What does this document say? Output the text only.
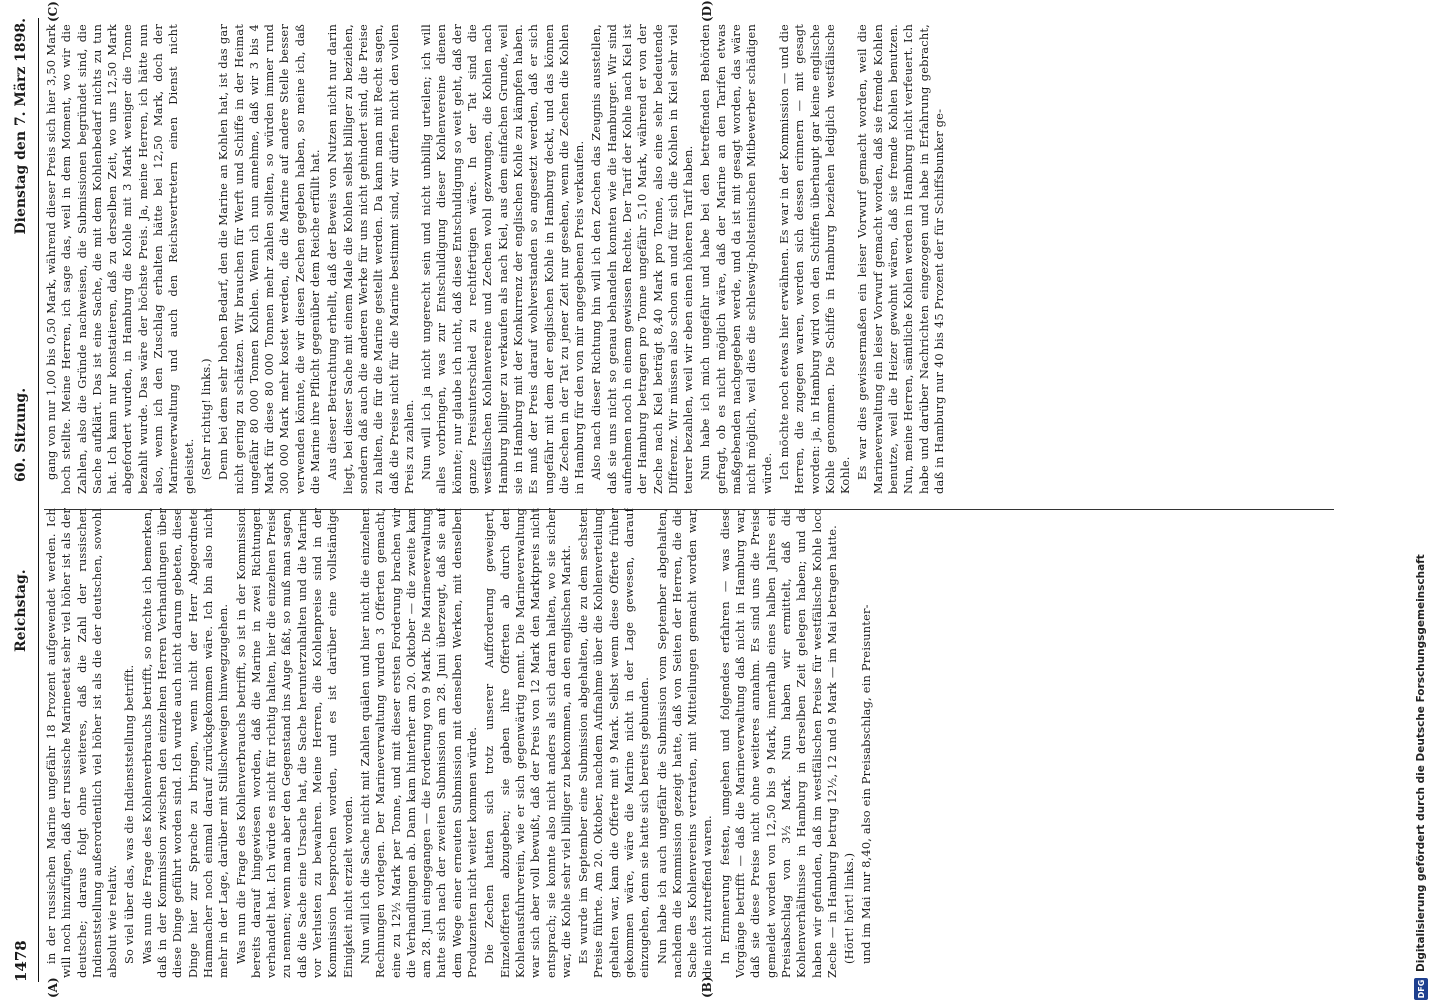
1478
Reichstag.
60. Sitzung.
Dienstag den 7. März 1898.
(A)	(B)
(C)	(D)

in der russischen Marine ungefähr 18 Prozent aufgewendet werden. Ich will noch hinzufügen, daß der russische Marineetat sehr viel höher ist als der deutsche; daraus folgt ohne weiteres, daß die Zahl der russischen Indienststellung außerordentlich viel höher ist als die der deutschen, sowohl absolut wie relativ. So viel über das, was die Indienststellung betrifft. Was nun die Frage des Kohlenverbrauchs betrifft, so möchte ich bemerken, daß in der Kommission zwischen den einzelnen Herren Verhandlungen über diese Dinge geführt worden sind. Ich wurde auch nicht darum gebeten, diese Dinge hier zur Sprache zu bringen, wenn nicht der Herr Abgeordnete Hammacher noch einmal darauf zurückgekommen wäre. Ich bin also nicht mehr in der Lage, darüber mit Stillschweigen hinwegzugehen. Was nun die Frage des Kohlenverbrauchs betrifft, so ist in der Kommission bereits darauf hingewiesen worden, daß die Marine in zwei Richtungen verhandelt hat. Ich würde es nicht für richtig halten, hier die einzelnen Preise zu nennen; wenn man aber den Gegenstand ins Auge faßt, so muß man sagen, daß die Sache eine Ursache hat, die Sache herunterzuhalten und die Marine vor Verlusten zu bewahren. Meine Herren, die Kohlenpreise sind in der Kommission besprochen worden, und es ist darüber eine vollständige Einigkeit nicht erzielt worden. Nun will ich die Sache nicht mit Zahlen quälen und hier nicht die einzelnen Rechnungen vorlegen. Der Marineverwaltung wurden 3 Offerten gemacht, eine zu 12½ Mark per Tonne, und mit dieser ersten Forderung brachen wir die Verhandlungen ab. Dann kam hinterher am 20. Oktober — die zweite kam am 28. Juni eingegangen — die Forderung von 9 Mark. Die Marineverwaltung hatte sich nach der zweiten Submission am 28. Juni überzeugt, daß sie auf dem Wege einer erneuten Submission mit denselben Werken, mit denselben Produzenten nicht weiter kommen würde. Die Zechen hatten sich trotz unserer Aufforderung geweigert, Einzelofferten abzugeben; sie gaben ihre Offerten ab durch den Kohlenausfuhrverein, wie er sich gegenwärtig nennt. Die Marineverwaltung war sich aber voll bewußt, daß der Preis von 12 Mark den Marktpreis nicht entsprach; sie konnte also nicht anders als sich daran halten, wo sie sicher war, die Kohle sehr viel billiger zu bekommen, an den englischen Markt. Es wurde im September eine Submission abgehalten, die zu dem sechsten Preise führte. Am 20. Oktober, nachdem Aufnahme über die Kohlenverteilung gehalten war, kam die Offerte mit 9 Mark. Selbst wenn diese Offerte früher gekommen wäre, wäre die Marine nicht in der Lage gewesen, darauf einzugehen, denn sie hatte sich bereits gebunden. Nun habe ich auch ungefähr die Submission vom September abgehalten, nachdem die Kommission gezeigt hatte, daß von Seiten der Herren, die die Sache des Kohlenvereins vertraten, mit Mitteilungen gemacht worden war, die nicht zutreffend waren. In Erinnerung festen, umgehen und folgendes erfahren — was diese Vorgänge betrifft — daß die Marineverwaltung daß nicht in Hamburg war, daß sie diese Preise nicht ohne weiteres annahm. Es sind uns die Preise gemeldet worden von 12,50 bis 9 Mark, innerhalb eines halben Jahres ein Preisabschlag von 3½ Mark. Nun haben wir ermittelt, daß die Kohlenverhältnisse in Hamburg in derselben Zeit gelegen haben; und da haben wir gefunden, daß im westfälischen Preise für westfälische Kohle loco Zeche — in Hamburg betrug 12½, 12 und 9 Mark — im Mai betragen hatte. (Hört! hört! links.) und im Mai nur 8,40, also ein Preisabschlag, ein Preisunter-

gang von nur 1,00 bis 0,50 Mark, während dieser Preis sich hier 3,50 Mark hoch stellte. Meine Herren, ich sage das, weil in dem Moment, wo wir die Zahlen, also die Gründe nachweisen, die Submissionen begründet sind, die Sache aufklärt. Das ist eine Sache, die mit dem Kohlenbedarf nichts zu tun hat. Ich kann nur konstatieren, daß zu derselben Zeit, wo uns 12,50 Mark abgefordert wurden, in Hamburg die Kohle mit 3 Mark weniger die Tonne bezahlt wurde. Das wäre der höchste Preis. Ja, meine Herren, ich hätte nun also, wenn ich den Zuschlag erhalten hätte bei 12,50 Mark, doch der Marineverwaltung und auch den Reichsvertretern einen Dienst nicht geleistet. (Sehr richtig! links.) Denn bei dem sehr hohen Bedarf, den die Marine an Kohlen hat, ist das gar nicht gering zu schätzen. Wir brauchen für Werft und Schiffe in der Heimat ungefähr 80 000 Tonnen Kohlen. Wenn ich nun annehme, daß wir 3 bis 4 Mark für diese 80 000 Tonnen mehr zahlen sollten, so würden immer rund 300 000 Mark mehr kostet werden, die die Marine auf andere Stelle besser verwenden könnte, die wir diesen Zechen gegeben haben, so meine ich, daß die Marine ihre Pflicht gegenüber dem Reiche erfüllt hat. Aus dieser Betrachtung erhellt, daß der Beweis von Nutzen nicht nur darin liegt, bei dieser Sache mit einem Male die Kohlen selbst billiger zu beziehen, sondern daß auch die anderen Werke für uns nicht gehindert sind, die Preise zu halten, die für die Marine gestellt werden. Da kann man mit Recht sagen, daß die Preise nicht für die Marine bestimmt sind, wir dürfen nicht den vollen Preis zu zahlen. Nun will ich ja nicht ungerecht sein und nicht unbillig urteilen; ich will alles vorbringen, was zur Entschuldigung dieser Kohlenvereine dienen könnte; nur glaube ich nicht, daß diese Entschuldigung so weit geht, daß der ganze Preisunterschied zu rechtfertigen wäre. In der Tat sind die westfälischen Kohlenvereine und Zechen wohl gezwungen, die Kohlen nach Hamburg billiger zu verkaufen als nach Kiel, aus dem einfachen Grunde, weil sie in Hamburg mit der Konkurrenz der englischen Kohle zu kämpfen haben. Es muß der Preis darauf wohlverstanden so angesetzt werden, daß er sich ungefähr mit dem der englischen Kohle in Hamburg deckt, und das können die Zechen in der Tat zu jener Zeit nur gesehen, wenn die Zechen die Kohlen in Hamburg für den von mir angegebenen Preis verkaufen. Also nach dieser Richtung hin will ich den Zechen das Zeugnis ausstellen, daß sie uns nicht so genau behandeln konnten wie die Hamburger. Wir sind aufnehmen noch in einem gewissen Rechte. Der Tarif der Kohle nach Kiel ist der Hamburg betragen pro Tonne ungefähr 5,10 Mark, während er von der Zeche nach Kiel beträgt 8,40 Mark pro Tonne, also eine sehr bedeutende Differenz. Wir müssen also schon an und für sich die Kohlen in Kiel sehr viel teurer bezahlen, weil wir eben einen höheren Tarif haben. Nun habe ich mich ungefähr und habe bei den betreffenden Behörden gefragt, ob es nicht möglich wäre, daß der Marine an den Tarifen etwas maßgebenden nachgegeben werde, und da ist mit gesagt worden, das wäre nicht möglich, weil dies die schleswig-holsteinischen Mitbewerber schädigen würde. Ich möchte noch etwas hier erwähnen. Es war in der Kommission — und die Herren, die zugegen waren, werden sich dessen erinnern — mit gesagt worden: ja, in Hamburg wird von den Schiffen überhaupt gar keine englische Kohle genommen. Die Schiffe in Hamburg beziehen lediglich westfälische Kohle. Es war dies gewissermaßen ein leiser Vorwurf gemacht worden, weil die Marineverwaltung ein leiser Vorwurf gemacht worden, daß sie fremde Kohlen benutze, weil die Heizer gewohnt wären, daß sie fremde Kohlen benutzen. Nun, meine Herren, sämtliche Kohlen werden in Hamburg nicht verfeuert. Ich habe und darüber Nachrichten eingezogen und habe in Erfahrung gebracht, daß in Hamburg nur 40 bis 45 Prozent der für Schiffsbunker ge-

DFG
Digitalisierung gefördert durch die Deutsche Forschungsgemeinschaft
